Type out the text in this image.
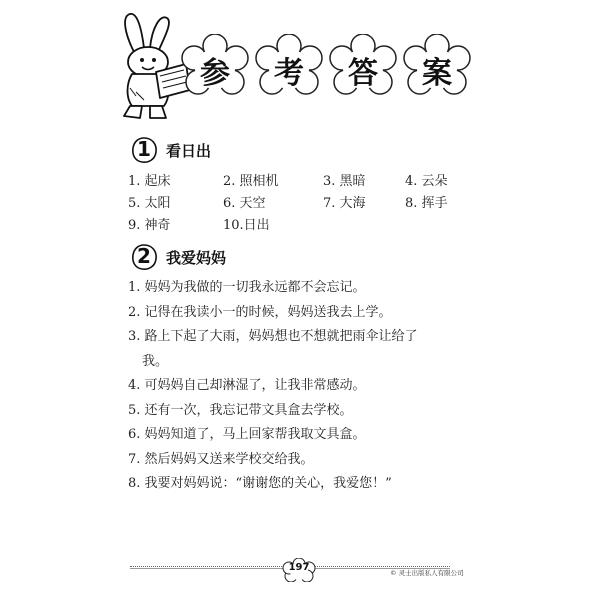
参	考	答	案
1	看日出
1. 起床	2. 照相机	3. 黑暗	4. 云朵
5. 太阳	6. 天空	7. 大海	8. 挥手
9. 神奇	10.日出
2	我爱妈妈
1. 妈妈为我做的一切我永远都不会忘记。
2. 记得在我读小一的时候，妈妈送我去上学。
3. 路上下起了大雨，妈妈想也不想就把雨伞让给了
我。
4. 可妈妈自己却淋湿了，让我非常感动。
5. 还有一次，我忘记带文具盒去学校。
6. 妈妈知道了，马上回家帮我取文具盒。
7. 然后妈妈又送来学校交给我。
8. 我要对妈妈说：“谢谢您的关心，我爱您！”
197	© 灵士出版私人有限公司
